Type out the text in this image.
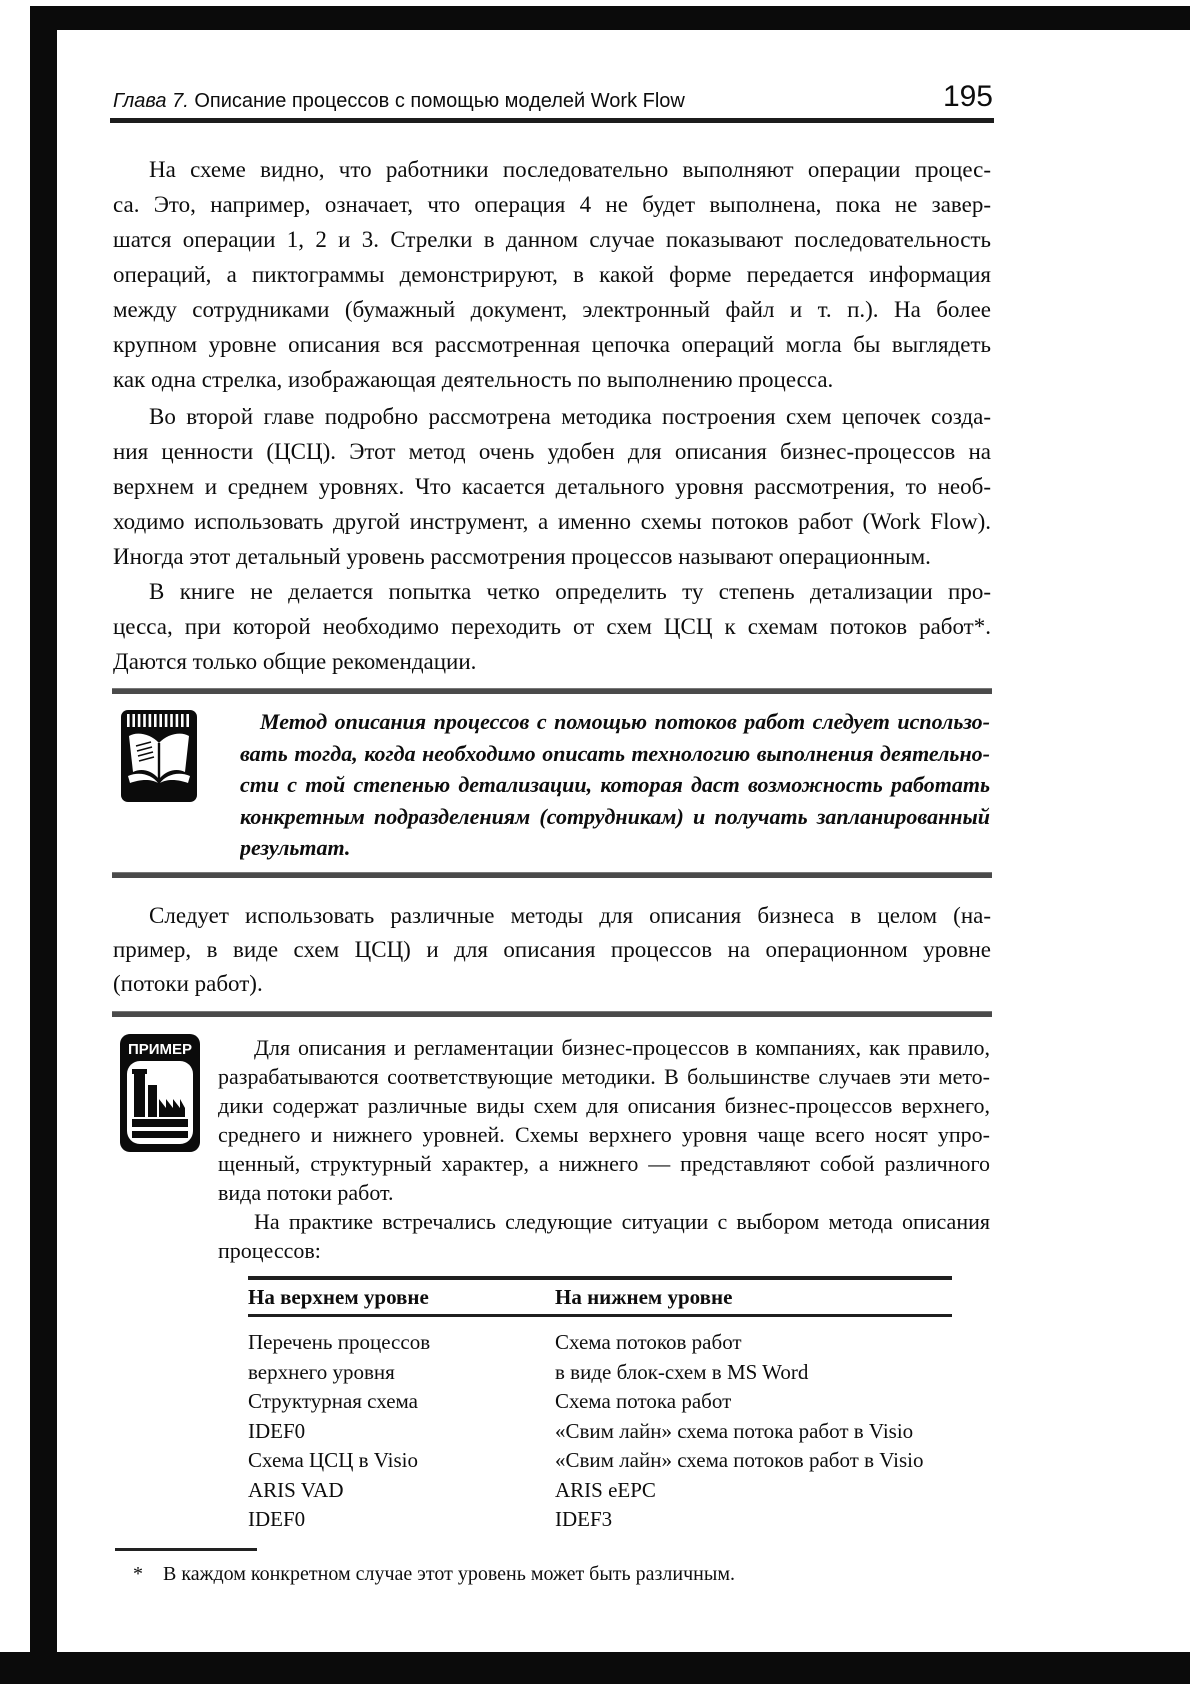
Глава 7. Описание процессов с помощью моделей Work Flow	195
На схеме видно, что работники последовательно выполняют операции процес-
са. Это, например, означает, что операция 4 не будет выполнена, пока не завер-
шатся операции 1, 2 и 3. Стрелки в данном случае показывают последовательность
операций, а пиктограммы демонстрируют, в какой форме передается информация
между сотрудниками (бумажный документ, электронный файл и т. п.). На более
крупном уровне описания вся рассмотренная цепочка операций могла бы выглядеть
как одна стрелка, изображающая деятельность по выполнению процесса.
Во второй главе подробно рассмотрена методика построения схем цепочек созда-
ния ценности (ЦСЦ). Этот метод очень удобен для описания бизнес-процессов на
верхнем и среднем уровнях. Что касается детального уровня рассмотрения, то необ-
ходимо использовать другой инструмент, а именно схемы потоков работ (Work Flow).
Иногда этот детальный уровень рассмотрения процессов называют операционным.
В книге не делается попытка четко определить ту степень детализации про-
цесса, при которой необходимо переходить от схем ЦСЦ к схемам потоков работ*.
Даются только общие рекомендации.
Метод описания процессов с помощью потоков работ следует использо-
вать тогда, когда необходимо описать технологию выполнения деятельно-
сти с той степенью детализации, которая даст возможность работать
конкретным подразделениям (сотрудникам) и получать запланированный
результат.
Следует использовать различные методы для описания бизнеса в целом (на-
пример, в виде схем ЦСЦ) и для описания процессов на операционном уровне
(потоки работ).
ПРИМЕР	Для описания и регламентации бизнес-процессов в компаниях, как правило,
разрабатываются соответствующие методики. В большинстве случаев эти мето-
дики содержат различные виды схем для описания бизнес-процессов верхнего,
среднего и нижнего уровней. Схемы верхнего уровня чаще всего носят упро-
щенный, структурный характер, а нижнего — представляют собой различного
вида потоки работ.
На практике встречались следующие ситуации с выбором метода описания
процессов:
На верхнем уровне	На нижнем уровне
Перечень процессов	Схема потоков работ
верхнего уровня	в виде блок-схем в MS Word
Структурная схема	Схема потока работ
IDEF0	«Свим лайн» схема потока работ в Visio
Схема ЦСЦ в Visio	«Свим лайн» схема потоков работ в Visio
ARIS VAD	ARIS eEPC
IDEF0	IDEF3
* В каждом конкретном случае этот уровень может быть различным.
